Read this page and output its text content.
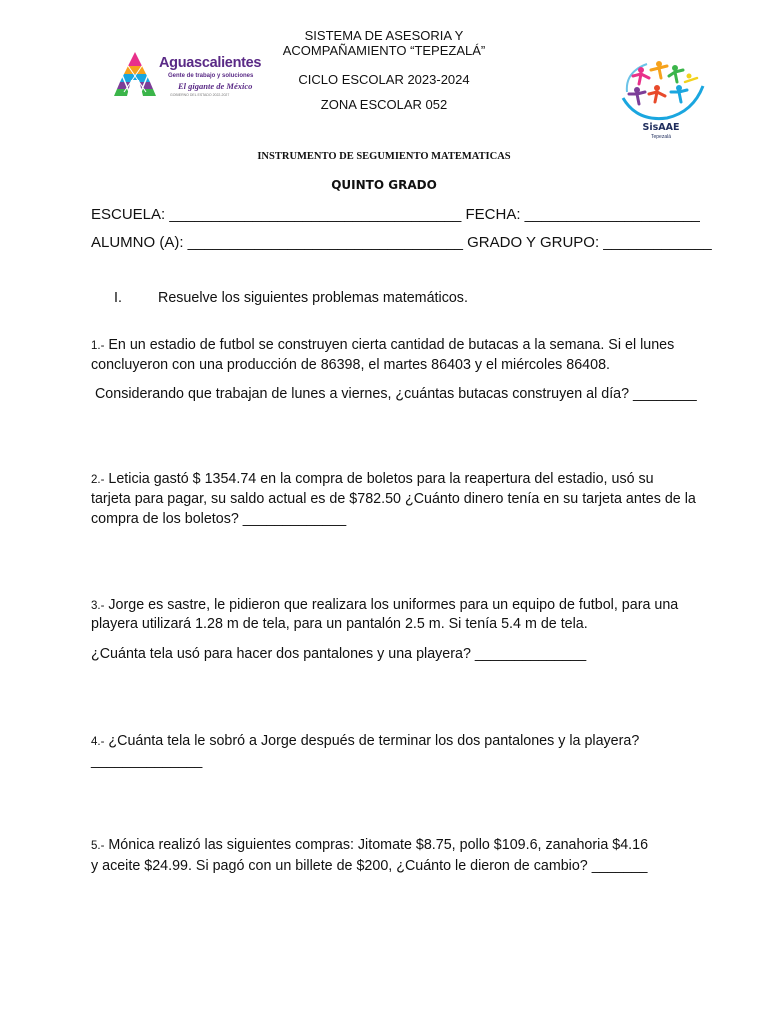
SISTEMA DE ASESORIA Y
ACOMPAÑAMIENTO “TEPEZALÁ”
CICLO ESCOLAR 2023-2024
ZONA ESCOLAR 052
INSTRUMENTO DE SEGUMIENTO MATEMATICAS
QUINTO GRADO
Aguascalientes
Gente de trabajo y soluciones
El gigante de México
GOBIERNO DEL ESTADO 2022-2027
SisAAE
Tepezalá
ESCUELA: ___________________________________ FECHA: _____________________
ALUMNO (A): _________________________________ GRADO Y GRUPO: _____________
I.	Resuelve los siguientes problemas matemáticos.
1.- En un estadio de futbol se construyen cierta cantidad de butacas a la semana. Si el lunes
concluyeron con una producción de 86398, el martes 86403 y el miércoles 86408.
Considerando que trabajan de lunes a viernes, ¿cuántas butacas construyen al día? ________
2.- Leticia gastó $ 1354.74 en la compra de boletos para la reapertura del estadio, usó su
tarjeta para pagar, su saldo actual es de $782.50 ¿Cuánto dinero tenía en su tarjeta antes de la
compra de los boletos? _____________
3.- Jorge es sastre, le pidieron que realizara los uniformes para un equipo de futbol, para una
playera utilizará 1.28 m de tela, para un pantalón 2.5 m. Si tenía 5.4 m de tela.
¿Cuánta tela usó para hacer dos pantalones y una playera? ______________
4.- ¿Cuánta tela le sobró a Jorge después de terminar los dos pantalones y la playera?
______________
5.- Mónica realizó las siguientes compras: Jitomate $8.75, pollo $109.6, zanahoria $4.16
y aceite $24.99. Si pagó con un billete de $200, ¿Cuánto le dieron de cambio? _______
